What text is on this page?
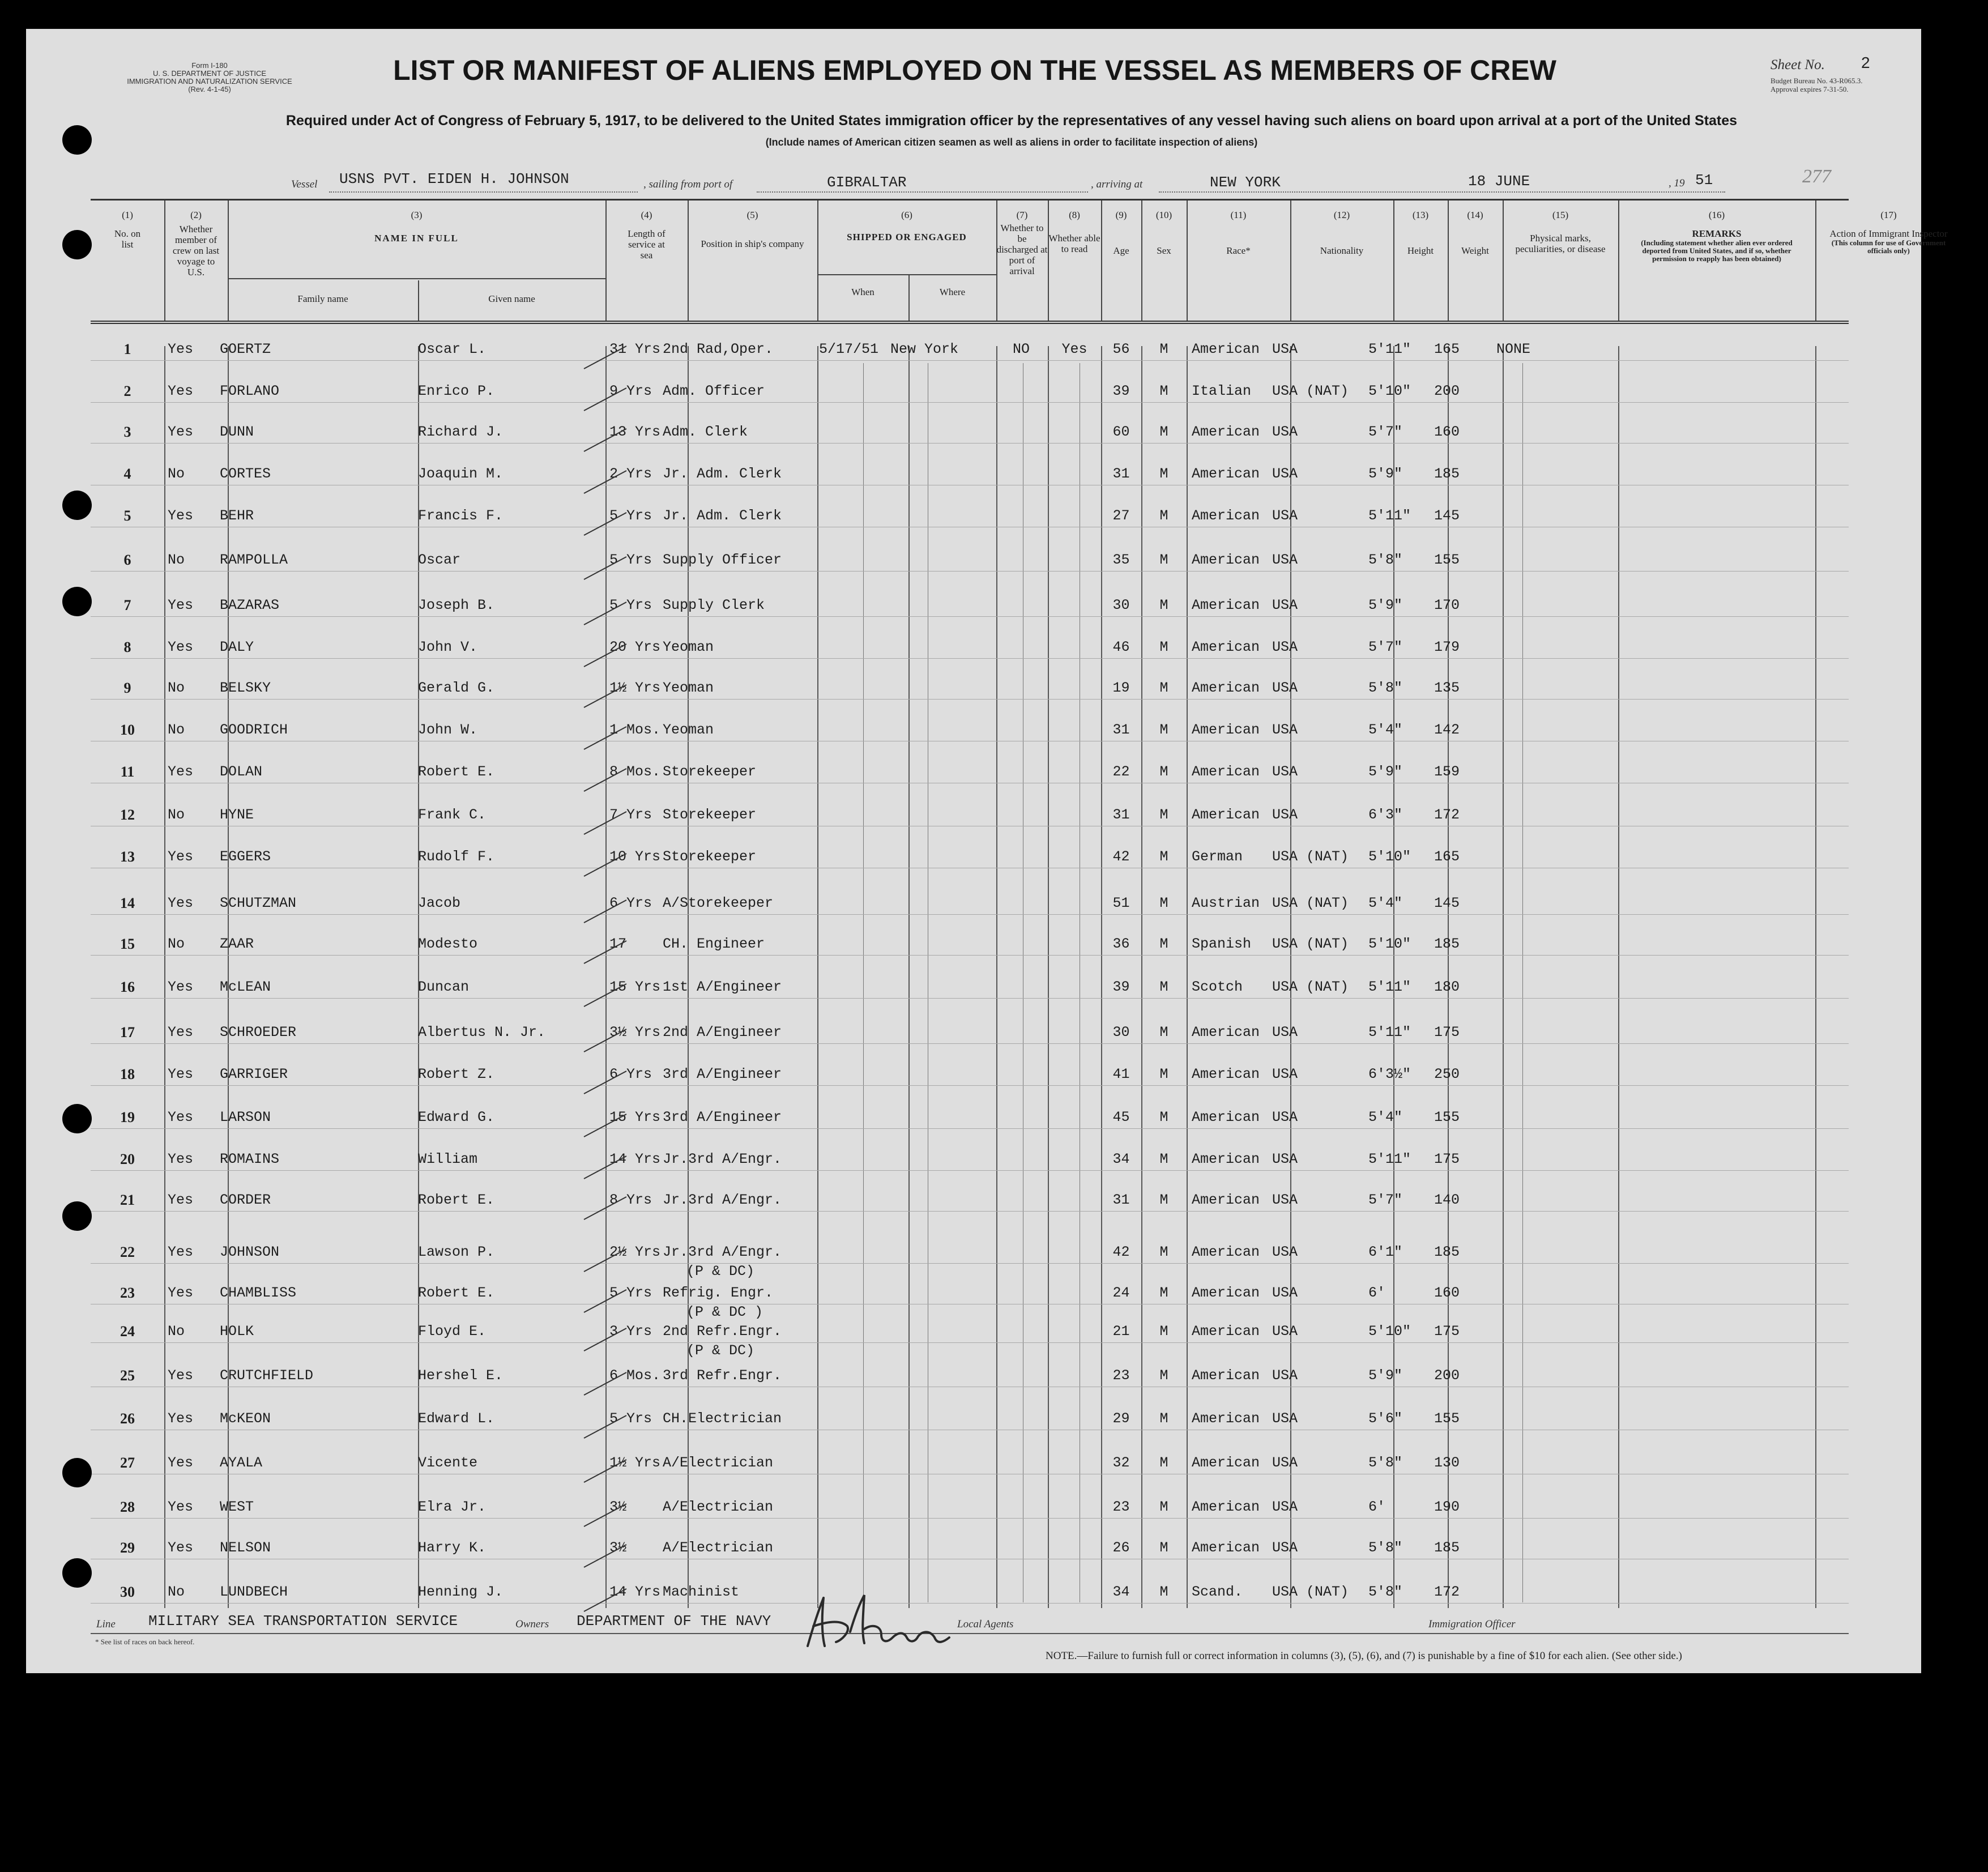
Form I-180
U. S. DEPARTMENT OF JUSTICE
IMMIGRATION AND NATURALIZATION SERVICE
(Rev. 4-1-45)
LIST OR MANIFEST OF ALIENS EMPLOYED ON THE VESSEL AS MEMBERS OF CREW	Sheet No. 2
Budget Bureau No. 43-R065.3.
Approval expires 7-31-50.
Required under Act of Congress of February 5, 1917, to be delivered to the United States immigration officer by the representatives of any vessel having such aliens on board upon arrival at a port of the United States
(Include names of American citizen seamen as well as aliens in order to facilitate inspection of aliens)
Vessel USNS PVT. EIDEN H. JOHNSON	, sailing from port of	GIBRALTAR	, arriving at	NEW YORK	18 JUNE	, 19 51	277
(1)
No. on list
(2)
Whether member of crew on last voyage to U.S.
(3)
NAME IN FULL
Family name	Given name
(4)
Length of service at sea
(5)
Position in ship's company
(6)
SHIPPED OR ENGAGED
When	Where
(7)
Whether to be discharged at port of arrival
(8)
Whether able to read
(9)
Age
(10)
Sex
(11)
Race*
(12)
Nationality
(13)
Height
(14)
Weight
(15)
Physical marks, peculiarities, or disease
(16)
REMARKS
(Including statement whether alien ever ordered deported from United States, and if so, whether permission to reapply has been obtained)
(17)
Action of Immigrant Inspector
(This column for use of Government officials only)
1	Yes	GOERTZ	Oscar L.	31 Yrs 2nd Rad,Oper.	5/17/51 New York	NO	Yes	56	M	American USA	5'11"	165	NONE
2	Yes	FORLANO	Enrico P.	9 Yrs Adm. Officer	39	M	Italian	USA (NAT)	5'10"	200
3	Yes	DUNN	Richard J.	13 Yrs Adm. Clerk	60	M	American USA	5'7"	160
4	No	CORTES	Joaquin M.	2 Yrs Jr. Adm. Clerk	31	M	American USA	5'9"	185
5	Yes	BEHR	Francis F.	5 Yrs Jr. Adm. Clerk	27	M	American USA	5'11"	145
6	No	RAMPOLLA	Oscar	5 Yrs Supply Officer	35	M	American USA	5'8"	155
7	Yes	BAZARAS	Joseph B.	5 Yrs Supply Clerk	30	M	American USA	5'9"	170
8	Yes	DALY	John V.	20 Yrs Yeoman	46	M	American USA	5'7"	179
9	No	BELSKY	Gerald G.	1½ Yrs Yeoman	19	M	American USA	5'8"	135
10	No	GOODRICH	John W.	1 Mos. Yeoman	31	M	American USA	5'4"	142
11	Yes	DOLAN	Robert E.	8 Mos. Storekeeper	22	M	American USA	5'9"	159
12	No	HYNE	Frank C.	7 Yrs Storekeeper	31	M	American USA	6'3"	172
13	Yes	EGGERS	Rudolf F.	10 Yrs Storekeeper	42	M	German	USA (NAT)	5'10"	165
14	Yes	SCHUTZMAN	Jacob	6 Yrs A/Storekeeper	51	M	Austrian USA (NAT)	5'4"	145
15	No	ZAAR	Modesto	17	CH. Engineer	36	M	Spanish	USA (NAT)	5'10"	185
16	Yes	McLEAN	Duncan	15 Yrs 1st A/Engineer	39	M	Scotch	USA (NAT)	5'11"	180
17	Yes	SCHROEDER	Albertus N. Jr.	3½ Yrs 2nd A/Engineer	30	M	American USA	5'11"	175
18	Yes	GARRIGER	Robert Z.	6 Yrs 3rd A/Engineer	41	M	American USA	6'3½"	250
19	Yes	LARSON	Edward G.	15 Yrs 3rd A/Engineer	45	M	American USA	5'4"	155
20	Yes	ROMAINS	William	14 Yrs Jr.3rd A/Engr.	34	M	American USA	5'11"	175
21	Yes	CORDER	Robert E.	8 Yrs Jr.3rd A/Engr.	31	M	American USA	5'7"	140
22	Yes	JOHNSON	Lawson P.	2½ Yrs Jr.3rd A/Engr.	42	M	American USA	6'1"	185
(P & DC)
23	Yes	CHAMBLISS	Robert E.	5 Yrs Refrig. Engr.	24	M	American USA	6'	160
(P & DC )
24	No	HOLK	Floyd E.	3 Yrs 2nd Refr.Engr.	21	M	American USA	5'10"	175
(P & DC)
25	Yes	CRUTCHFIELD	Hershel E.	6 Mos. 3rd Refr.Engr.	23	M	American USA	5'9"	200
26	Yes	McKEON	Edward L.	5 Yrs CH.Electrician	29	M	American USA	5'6"	155
27	Yes	AYALA	Vicente	1½ Yrs A/Electrician	32	M	American USA	5'8"	130
28	Yes	WEST	Elra Jr.	3½	A/Electrician	23	M	American USA	6'	190
29	Yes	NELSON	Harry K.	3½	A/Electrician	26	M	American USA	5'8"	185
30	No	LUNDBECH	Henning J.	14 Yrs Machinist	34	M	Scand.	USA (NAT)	5'8"	172
Line MILITARY SEA TRANSPORTATION SERVICE	Owners DEPARTMENT OF THE NAVY	Local Agents	Immigration Officer
* See list of races on back hereof.
NOTE.—Failure to furnish full or correct information in columns (3), (5), (6), and (7) is punishable by a fine of $10 for each alien. (See other side.)
